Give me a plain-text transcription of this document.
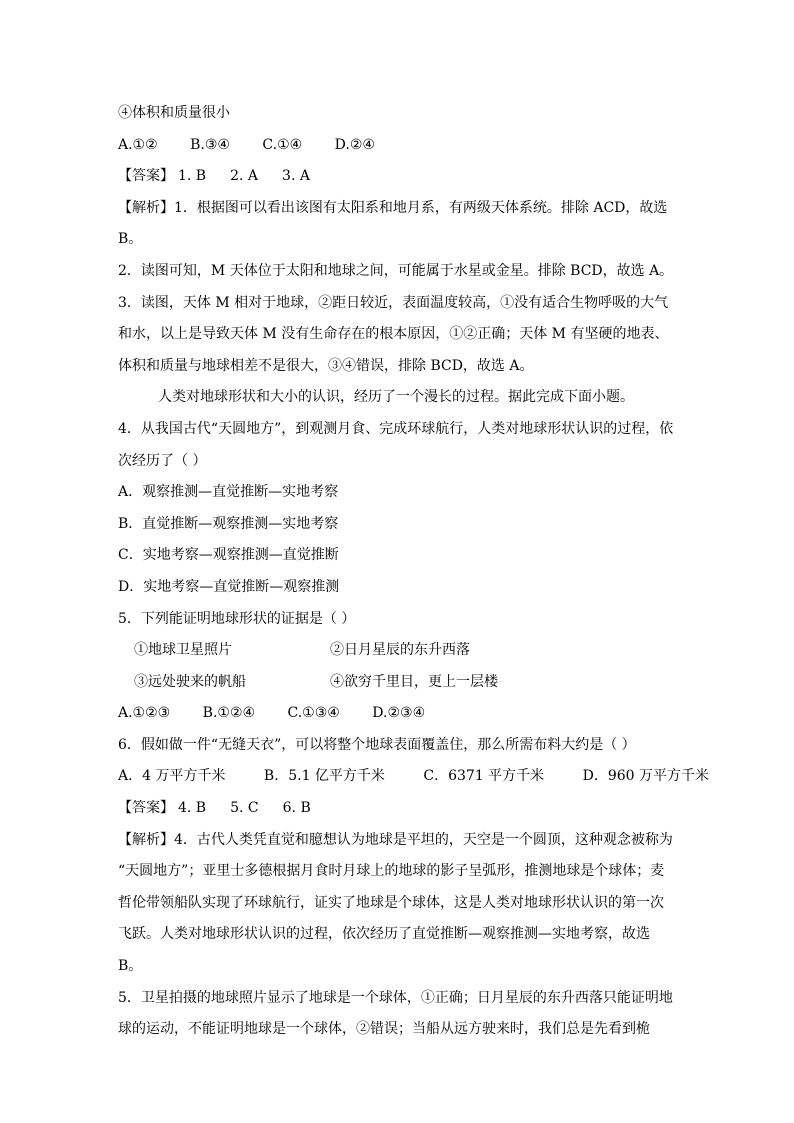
④体积和质量很小
A.①② B.③④ C.①④ D.②④
【答案】 1. B 2. A 3. A
【解析】1．根据图可以看出该图有太阳系和地月系，有两级天体系统。排除 ACD，故选
B。
2．读图可知，M 天体位于太阳和地球之间，可能属于水星或金星。排除 BCD，故选 A。
3．读图，天体 M 相对于地球，②距日较近，表面温度较高，①没有适合生物呼吸的大气
和水，以上是导致天体 M 没有生命存在的根本原因，①②正确；天体 M 有坚硬的地表、
体积和质量与地球相差不是很大，③④错误，排除 BCD，故选 A。
人类对地球形状和大小的认识，经历了一个漫长的过程。据此完成下面小题。
4．从我国古代“天圆地方”，到观测月食、完成环球航行，人类对地球形状认识的过程，依
次经历了（ ）
A．观察推测—直觉推断—实地考察
B．直觉推断—观察推测—实地考察
C．实地考察—观察推测—直觉推断
D．实地考察—直觉推断—观察推测
5．下列能证明地球形状的证据是（ ）
①地球卫星照片	②日月星辰的东升西落
③远处驶来的帆船	④欲穷千里目，更上一层楼
A.①②③ B.①②④ C.①③④ D.②③④
6．假如做一件“无缝天衣”，可以将整个地球表面覆盖住，那么所需布料大约是（ ）
A．4 万平方千米	B．5.1 亿平方千米	C．6371 平方千米	D．960 万平方千米
【答案】 4. B 5. C 6. B
【解析】4．古代人类凭直觉和臆想认为地球是平坦的，天空是一个圆顶，这种观念被称为
“天圆地方”；亚里士多德根据月食时月球上的地球的影子呈弧形，推测地球是个球体；麦
哲伦带领船队实现了环球航行，证实了地球是个球体，这是人类对地球形状认识的第一次
飞跃。人类对地球形状认识的过程，依次经历了直觉推断—观察推测—实地考察，故选
B。
5．卫星拍摄的地球照片显示了地球是一个球体，①正确；日月星辰的东升西落只能证明地
球的运动，不能证明地球是一个球体，②错误；当船从远方驶来时，我们总是先看到桅
